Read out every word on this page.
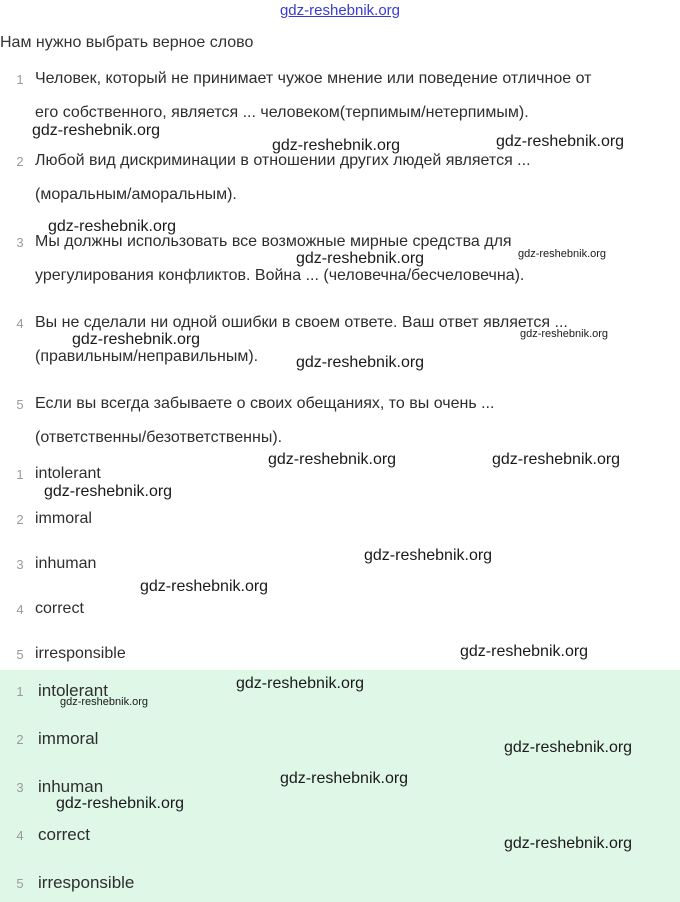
gdz-reshebnik.org
Нам нужно выбрать верное слово
1 Человек, который не принимает чужое мнение или поведение отличное от
его собственного, является ... человеком(терпимым/нетерпимым).
2 Любой вид дискриминации в отношении других людей является ...
(моральным/аморальным).
3 Мы должны использовать все возможные мирные средства для
урегулирования конфликтов. Война ... (человечна/бесчеловечна).
4 Вы не сделали ни одной ошибки в своем ответе. Ваш ответ является ...
(правильным/неправильным).
5 Если вы всегда забываете о своих обещаниях, то вы очень ...
(ответственны/безответственны).
1 intolerant
2 immoral
3 inhuman
4 correct
5 irresponsible
1 intolerant
2 immoral
3 inhuman
4 correct
5 irresponsible
gdz-reshebnik.org
gdz-reshebnik.org	gdz-reshebnik.org
gdz-reshebnik.org
gdz-reshebnik.org	gdz-reshebnik.org
gdz-reshebnik.org
gdz-reshebnik.org
gdz-reshebnik.org
gdz-reshebnik.org	gdz-reshebnik.org
gdz-reshebnik.org
gdz-reshebnik.org
gdz-reshebnik.org
gdz-reshebnik.org
gdz-reshebnik.org
gdz-reshebnik.org
gdz-reshebnik.org
gdz-reshebnik.org
gdz-reshebnik.org
gdz-reshebnik.org
